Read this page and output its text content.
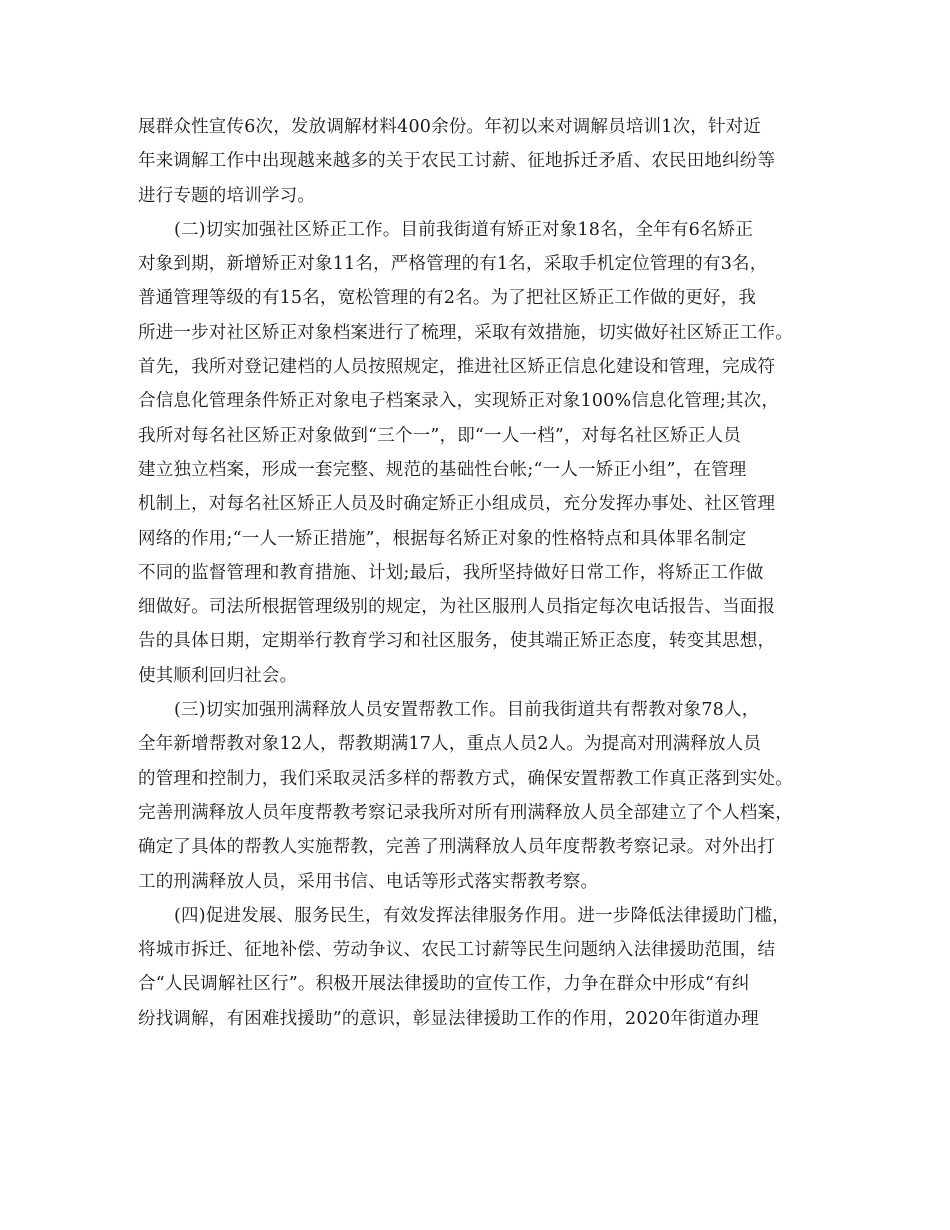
展群众性宣传6次，发放调解材料400余份。年初以来对调解员培训1次，针对近
年来调解工作中出现越来越多的关于农民工讨薪、征地拆迁矛盾、农民田地纠纷等
进行专题的培训学习。
(二)切实加强社区矫正工作。目前我街道有矫正对象18名，全年有6名矫正
对象到期，新增矫正对象11名，严格管理的有1名，采取手机定位管理的有3名，
普通管理等级的有15名，宽松管理的有2名。为了把社区矫正工作做的更好，我
所进一步对社区矫正对象档案进行了梳理，采取有效措施，切实做好社区矫正工作。
首先，我所对登记建档的人员按照规定，推进社区矫正信息化建设和管理，完成符
合信息化管理条件矫正对象电子档案录入，实现矫正对象100%信息化管理;其次，
我所对每名社区矫正对象做到“三个一”，即“一人一档”，对每名社区矫正人员
建立独立档案，形成一套完整、规范的基础性台帐;“一人一矫正小组”，在管理
机制上，对每名社区矫正人员及时确定矫正小组成员，充分发挥办事处、社区管理
网络的作用;“一人一矫正措施”，根据每名矫正对象的性格特点和具体罪名制定
不同的监督管理和教育措施、计划;最后，我所坚持做好日常工作，将矫正工作做
细做好。司法所根据管理级别的规定，为社区服刑人员指定每次电话报告、当面报
告的具体日期，定期举行教育学习和社区服务，使其端正矫正态度，转变其思想，
使其顺利回归社会。
(三)切实加强刑满释放人员安置帮教工作。目前我街道共有帮教对象78人，
全年新增帮教对象12人，帮教期满17人，重点人员2人。为提高对刑满释放人员
的管理和控制力，我们采取灵活多样的帮教方式，确保安置帮教工作真正落到实处。
完善刑满释放人员年度帮教考察记录我所对所有刑满释放人员全部建立了个人档案，
确定了具体的帮教人实施帮教，完善了刑满释放人员年度帮教考察记录。对外出打
工的刑满释放人员，采用书信、电话等形式落实帮教考察。
(四)促进发展、服务民生，有效发挥法律服务作用。进一步降低法律援助门槛，
将城市拆迁、征地补偿、劳动争议、农民工讨薪等民生问题纳入法律援助范围，结
合“人民调解社区行”。积极开展法律援助的宣传工作，力争在群众中形成“有纠
纷找调解，有困难找援助”的意识，彰显法律援助工作的作用，2020年街道办理
